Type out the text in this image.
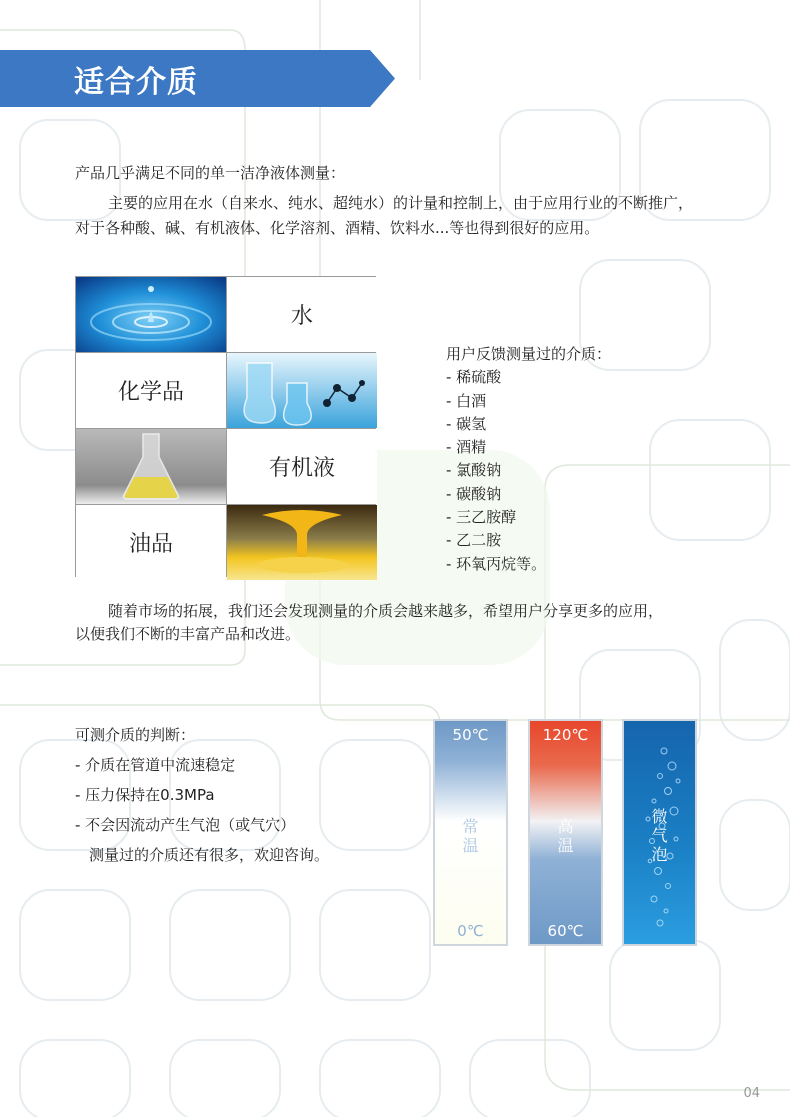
适合介质
产品几乎满足不同的单一洁净液体测量：
主要的应用在水（自来水、纯水、超纯水）的计量和控制上，由于应用行业的不断推广，
对于各种酸、碱、有机液体、化学溶剂、酒精、饮料水...等也得到很好的应用。
水
化学品
有机液
油品
用户反馈测量过的介质：
- 稀硫酸
- 白酒
- 碳氢
- 酒精
- 氯酸钠
- 碳酸钠
- 三乙胺醇
- 乙二胺
- 环氧丙烷等。
随着市场的拓展，我们还会发现测量的介质会越来越多，希望用户分享更多的应用，
以便我们不断的丰富产品和改进。
可测介质的判断：
- 介质在管道中流速稳定
- 压力保持在0.3MPa
- 不会因流动产生气泡（或气穴）
测量过的介质还有很多，欢迎咨询。
50℃
常
温
0℃
120℃
高
温
60℃
微
气
泡
04
